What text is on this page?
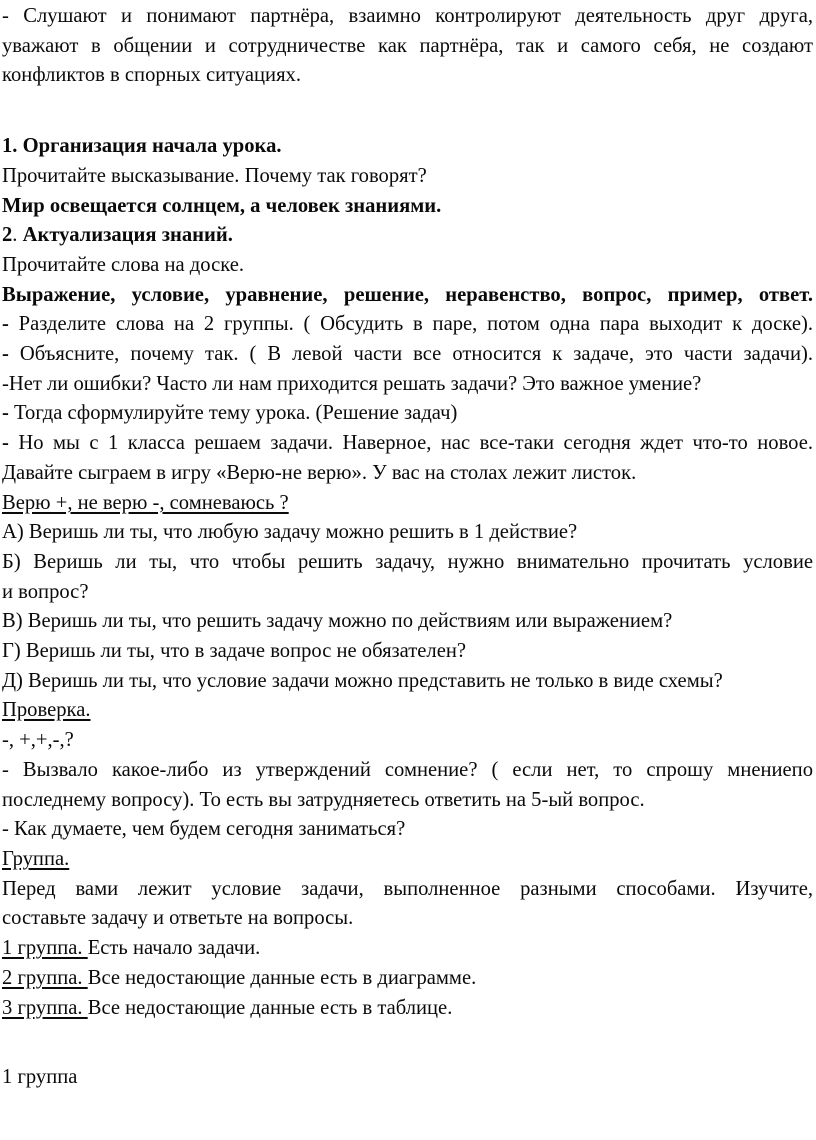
- Слушают и понимают партнёра, взаимно контролируют деятельность друг друга,
уважают в общении и сотрудничестве как партнёра, так и самого себя, не создают
конфликтов в спорных ситуациях.
1. Организация начала урока.
Прочитайте высказывание. Почему так говорят?
Мир освещается солнцем, а человек знаниями.
2. Актуализация знаний.
Прочитайте слова на доске.
Выражение, условие, уравнение, решение, неравенство, вопрос, пример, ответ.
- Разделите слова на 2 группы. ( Обсудить в паре, потом одна пара выходит к доске).
- Объясните, почему так. ( В левой части все относится к задаче, это части задачи).
-Нет ли ошибки? Часто ли нам приходится решать задачи? Это важное умение?
- Тогда сформулируйте тему урока. (Решение задач)
- Но мы с 1 класса решаем задачи. Наверное, нас все-таки сегодня ждет что-то новое.
Давайте сыграем в игру «Верю-не верю». У вас на столах лежит листок.
Верю +, не верю -, сомневаюсь ?
А) Веришь ли ты, что любую задачу можно решить в 1 действие?
Б) Веришь ли ты, что чтобы решить задачу, нужно внимательно прочитать условие
и вопрос?
В) Веришь ли ты, что решить задачу можно по действиям или выражением?
Г) Веришь ли ты, что в задаче вопрос не обязателен?
Д) Веришь ли ты, что условие задачи можно представить не только в виде схемы?
Проверка.
-, +,+,-,?
- Вызвало какое-либо из утверждений сомнение? ( если нет, то спрошу мнениепо
последнему вопросу). То есть вы затрудняетесь ответить на 5-ый вопрос.
- Как думаете, чем будем сегодня заниматься?
Группа.
Перед вами лежит условие задачи, выполненное разными способами. Изучите,
составьте задачу и ответьте на вопросы.
1 группа. Есть начало задачи.
2 группа. Все недостающие данные есть в диаграмме.
3 группа. Все недостающие данные есть в таблице.
1 группа
